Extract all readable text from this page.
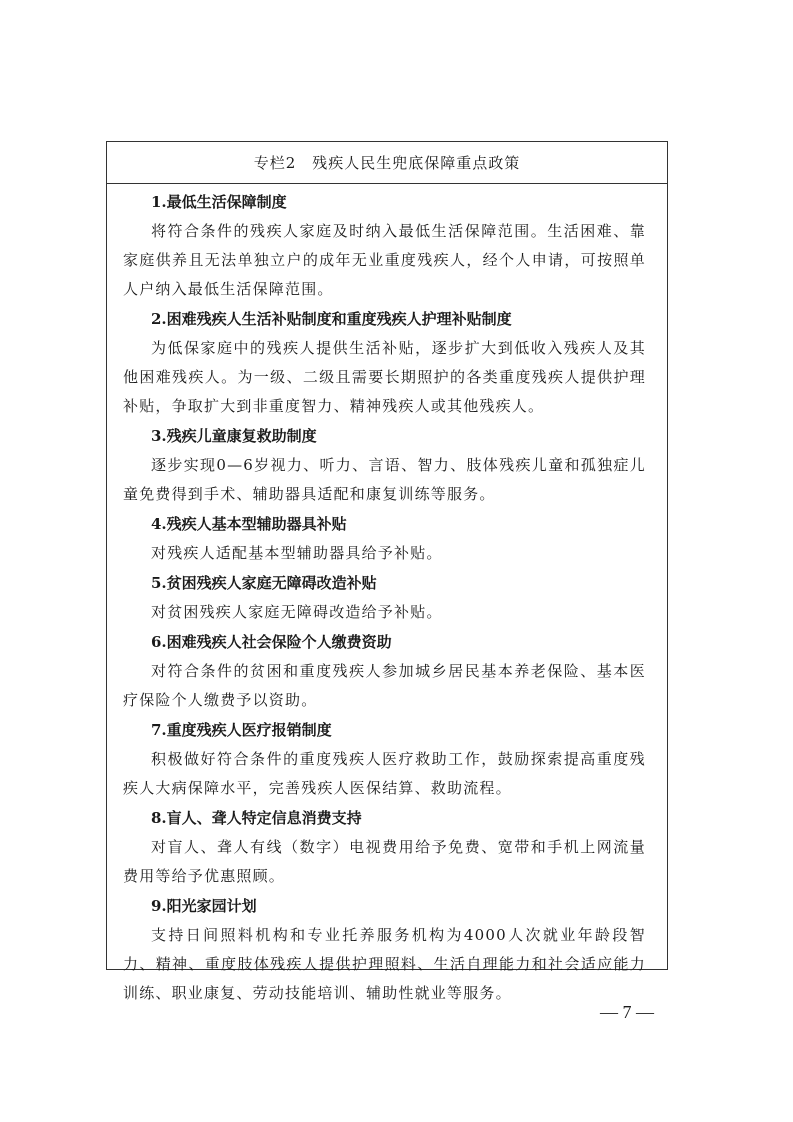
专栏2 残疾人民生兜底保障重点政策
1.最低生活保障制度
将符合条件的残疾人家庭及时纳入最低生活保障范围。生活困难、靠家庭供养且无法单独立户的成年无业重度残疾人，经个人申请，可按照单人户纳入最低生活保障范围。
2.困难残疾人生活补贴制度和重度残疾人护理补贴制度
为低保家庭中的残疾人提供生活补贴，逐步扩大到低收入残疾人及其他困难残疾人。为一级、二级且需要长期照护的各类重度残疾人提供护理补贴，争取扩大到非重度智力、精神残疾人或其他残疾人。
3.残疾儿童康复救助制度
逐步实现0—6岁视力、听力、言语、智力、肢体残疾儿童和孤独症儿童免费得到手术、辅助器具适配和康复训练等服务。
4.残疾人基本型辅助器具补贴
对残疾人适配基本型辅助器具给予补贴。
5.贫困残疾人家庭无障碍改造补贴
对贫困残疾人家庭无障碍改造给予补贴。
6.困难残疾人社会保险个人缴费资助
对符合条件的贫困和重度残疾人参加城乡居民基本养老保险、基本医疗保险个人缴费予以资助。
7.重度残疾人医疗报销制度
积极做好符合条件的重度残疾人医疗救助工作，鼓励探索提高重度残疾人大病保障水平，完善残疾人医保结算、救助流程。
8.盲人、聋人特定信息消费支持
对盲人、聋人有线（数字）电视费用给予免费、宽带和手机上网流量费用等给予优惠照顾。
9.阳光家园计划
支持日间照料机构和专业托养服务机构为4000人次就业年龄段智力、精神、重度肢体残疾人提供护理照料、生活自理能力和社会适应能力训练、职业康复、劳动技能培训、辅助性就业等服务。
— 7 —
